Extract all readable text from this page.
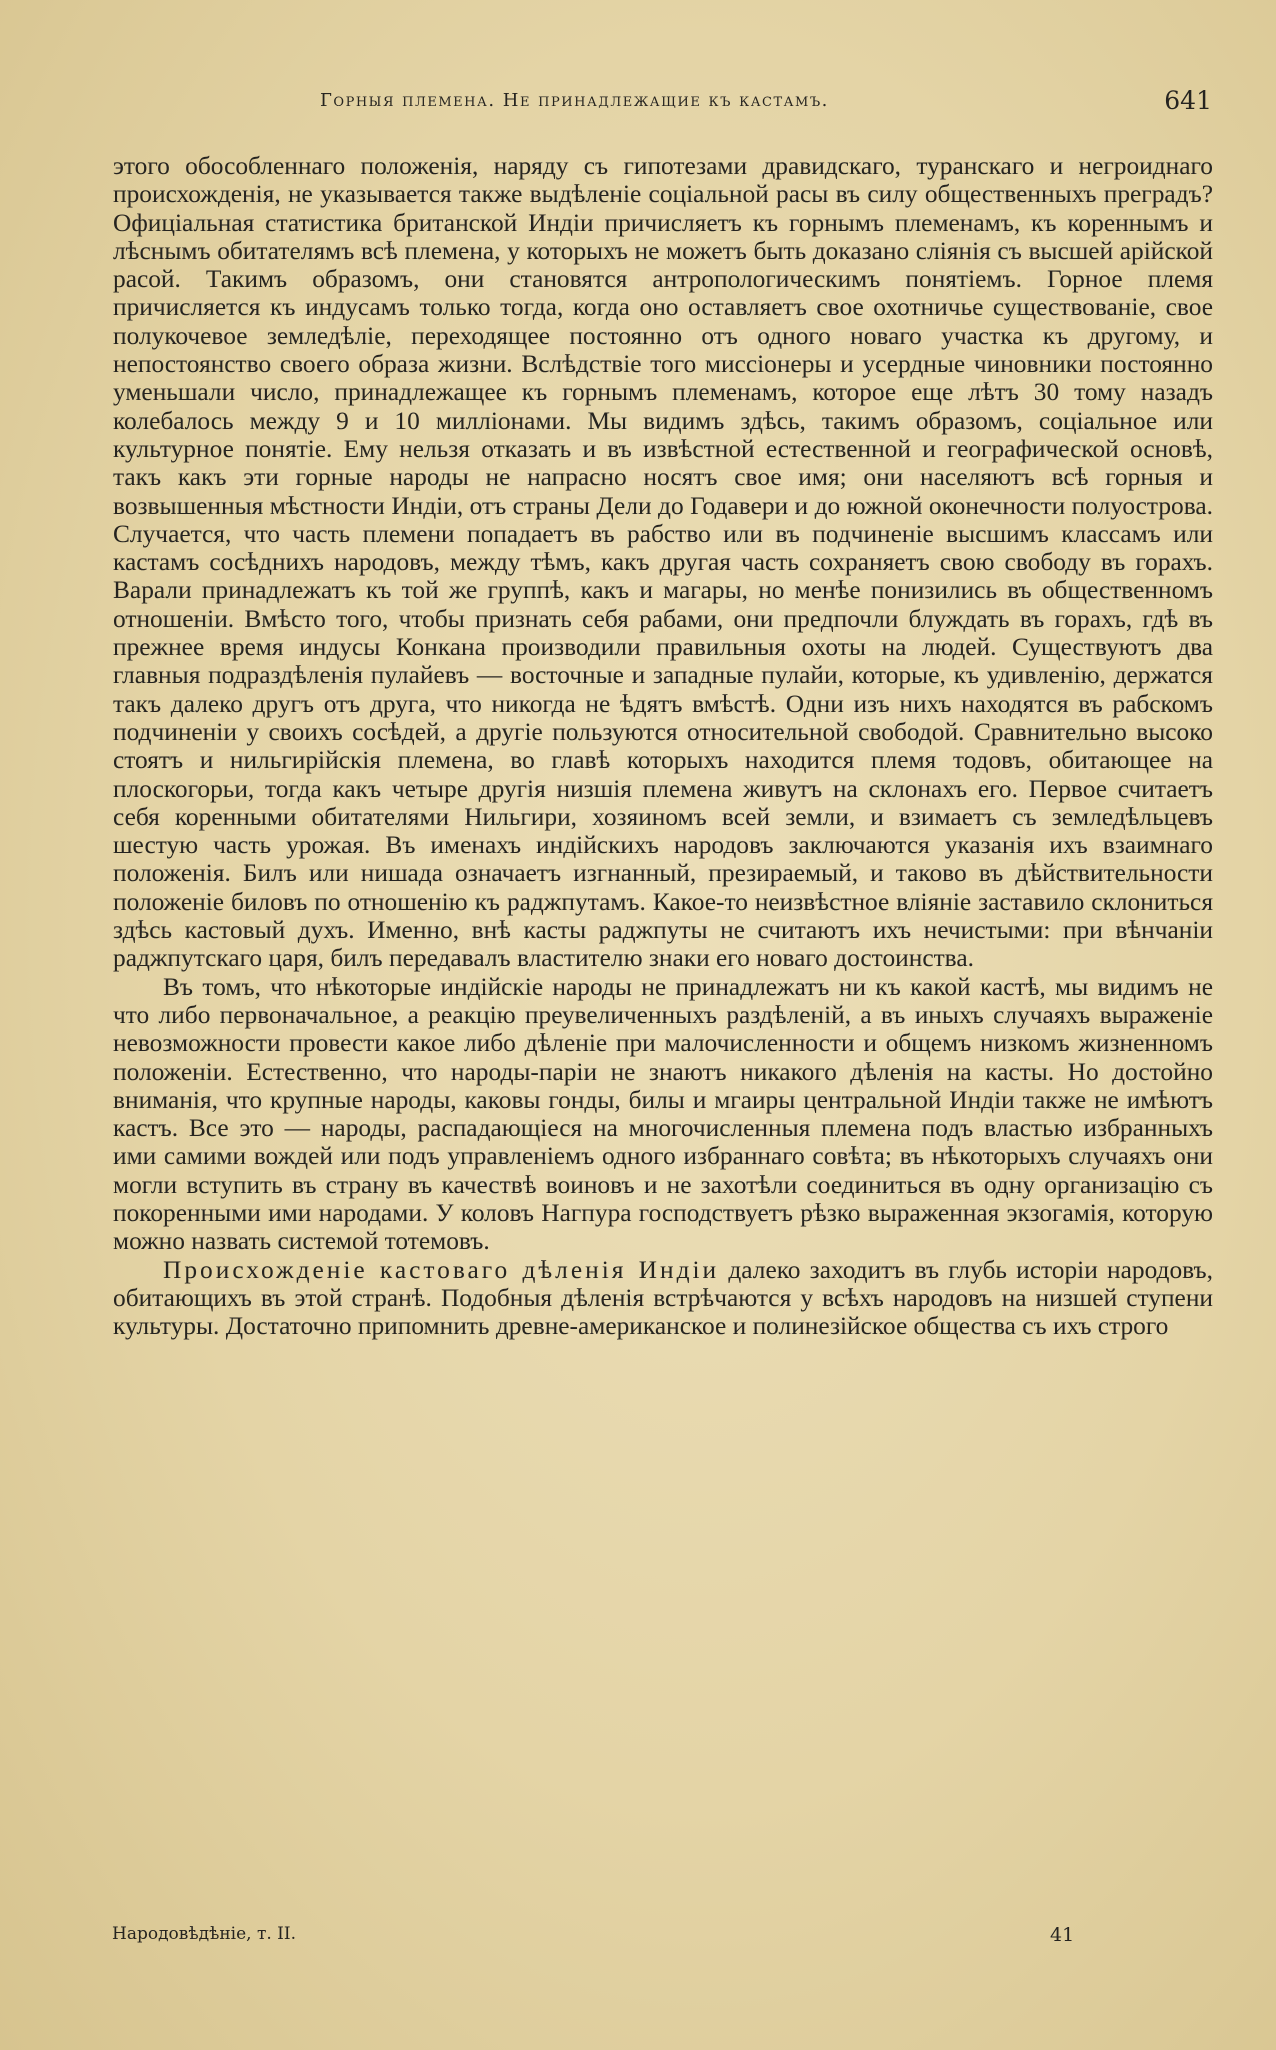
Горныя племена. Не принадлежащие къ кастамъ.	641

этого обособленнаго положенія, наряду съ гипотезами дравидскаго, туранскаго и негроиднаго происхожденія, не указывается также выдѣленіе соціальной расы въ силу общественныхъ преградъ? Офиціальная статистика британской Индіи причисляетъ къ горнымъ племенамъ, къ кореннымъ и лѣснымъ обитателямъ всѣ племена, у которыхъ не можетъ быть доказано сліянія съ высшей арійской расой. Такимъ образомъ, они становятся антропологическимъ понятіемъ. Горное племя причисляется къ индусамъ только тогда, когда оно оставляетъ свое охотничье существованіе, свое полукочевое земледѣліе, переходящее постоянно отъ одного новаго участка къ другому, и непостоянство своего образа жизни. Вслѣдствіе того миссіонеры и усердные чиновники постоянно уменьшали число, принадлежащее къ горнымъ племенамъ, которое еще лѣтъ 30 тому назадъ колебалось между 9 и 10 милліонами. Мы видимъ здѣсь, такимъ образомъ, соціальное или культурное понятіе. Ему нельзя отказать и въ извѣстной естественной и географической основѣ, такъ какъ эти горные народы не напрасно носятъ свое имя; они населяютъ всѣ горныя и возвышенныя мѣстности Индіи, отъ страны Дели до Годавери и до южной оконечности полуострова. Случается, что часть племени попадаетъ въ рабство или въ подчиненіе высшимъ классамъ или кастамъ сосѣднихъ народовъ, между тѣмъ, какъ другая часть сохраняетъ свою свободу въ горахъ. Варали принадлежатъ къ той же группѣ, какъ и магары, но менѣе понизились въ общественномъ отношеніи. Вмѣсто того, чтобы признать себя рабами, они предпочли блуждать въ горахъ, гдѣ въ прежнее время индусы Конкана производили правильныя охоты на людей. Существуютъ два главныя подраздѣленія пулайевъ — восточные и западные пулайи, которые, къ удивленію, держатся такъ далеко другъ отъ друга, что никогда не ѣдятъ вмѣстѣ. Одни изъ нихъ находятся въ рабскомъ подчиненіи у своихъ сосѣдей, а другіе пользуются относительной свободой. Сравнительно высоко стоятъ и нильгирійскія племена, во главѣ которыхъ находится племя тодовъ, обитающее на плоскогорьи, тогда какъ четыре другія низшія племена живутъ на склонахъ его. Первое считаетъ себя коренными обитателями Нильгири, хозяиномъ всей земли, и взимаетъ съ земледѣльцевъ шестую часть урожая. Въ именахъ индійскихъ народовъ заключаются указанія ихъ взаимнаго положенія. Билъ или нишада означаетъ изгнанный, презираемый, и таково въ дѣйствительности положеніе биловъ по отношенію къ раджпутамъ. Какое-то неизвѣстное вліяніе заставило склониться здѣсь кастовый духъ. Именно, внѣ касты раджпуты не считаютъ ихъ нечистыми: при вѣнчаніи раджпутскаго царя, билъ передавалъ властителю знаки его новаго достоинства.

Въ томъ, что нѣкоторые индійскіе народы не принадлежатъ ни къ какой кастѣ, мы видимъ не что либо первоначальное, а реакцію преувеличенныхъ раздѣленій, а въ иныхъ случаяхъ выраженіе невозможности провести какое либо дѣленіе при малочисленности и общемъ низкомъ жизненномъ положеніи. Естественно, что народы-паріи не знаютъ никакого дѣленія на касты. Но достойно вниманія, что крупные народы, каковы гонды, билы и мгаиры центральной Индіи также не имѣютъ кастъ. Все это — народы, распадающіеся на многочисленныя племена подъ властью избранныхъ ими самими вождей или подъ управленіемъ одного избраннаго совѣта; въ нѣкоторыхъ случаяхъ они могли вступить въ страну въ качествѣ воиновъ и не захотѣли соединиться въ одну организацію съ покоренными ими народами. У коловъ Нагпура господствуетъ рѣзко выраженная экзогамія, которую можно назвать системой тотемовъ.

Происхожденіе кастоваго дѣленія Индіи далеко заходитъ въ глубь исторіи народовъ, обитающихъ въ этой странѣ. Подобныя дѣленія встрѣчаются у всѣхъ народовъ на низшей ступени культуры. Достаточно припомнить древне-американское и полинезійское общества съ ихъ строго

Народовѣдѣніе, т. II.	41
